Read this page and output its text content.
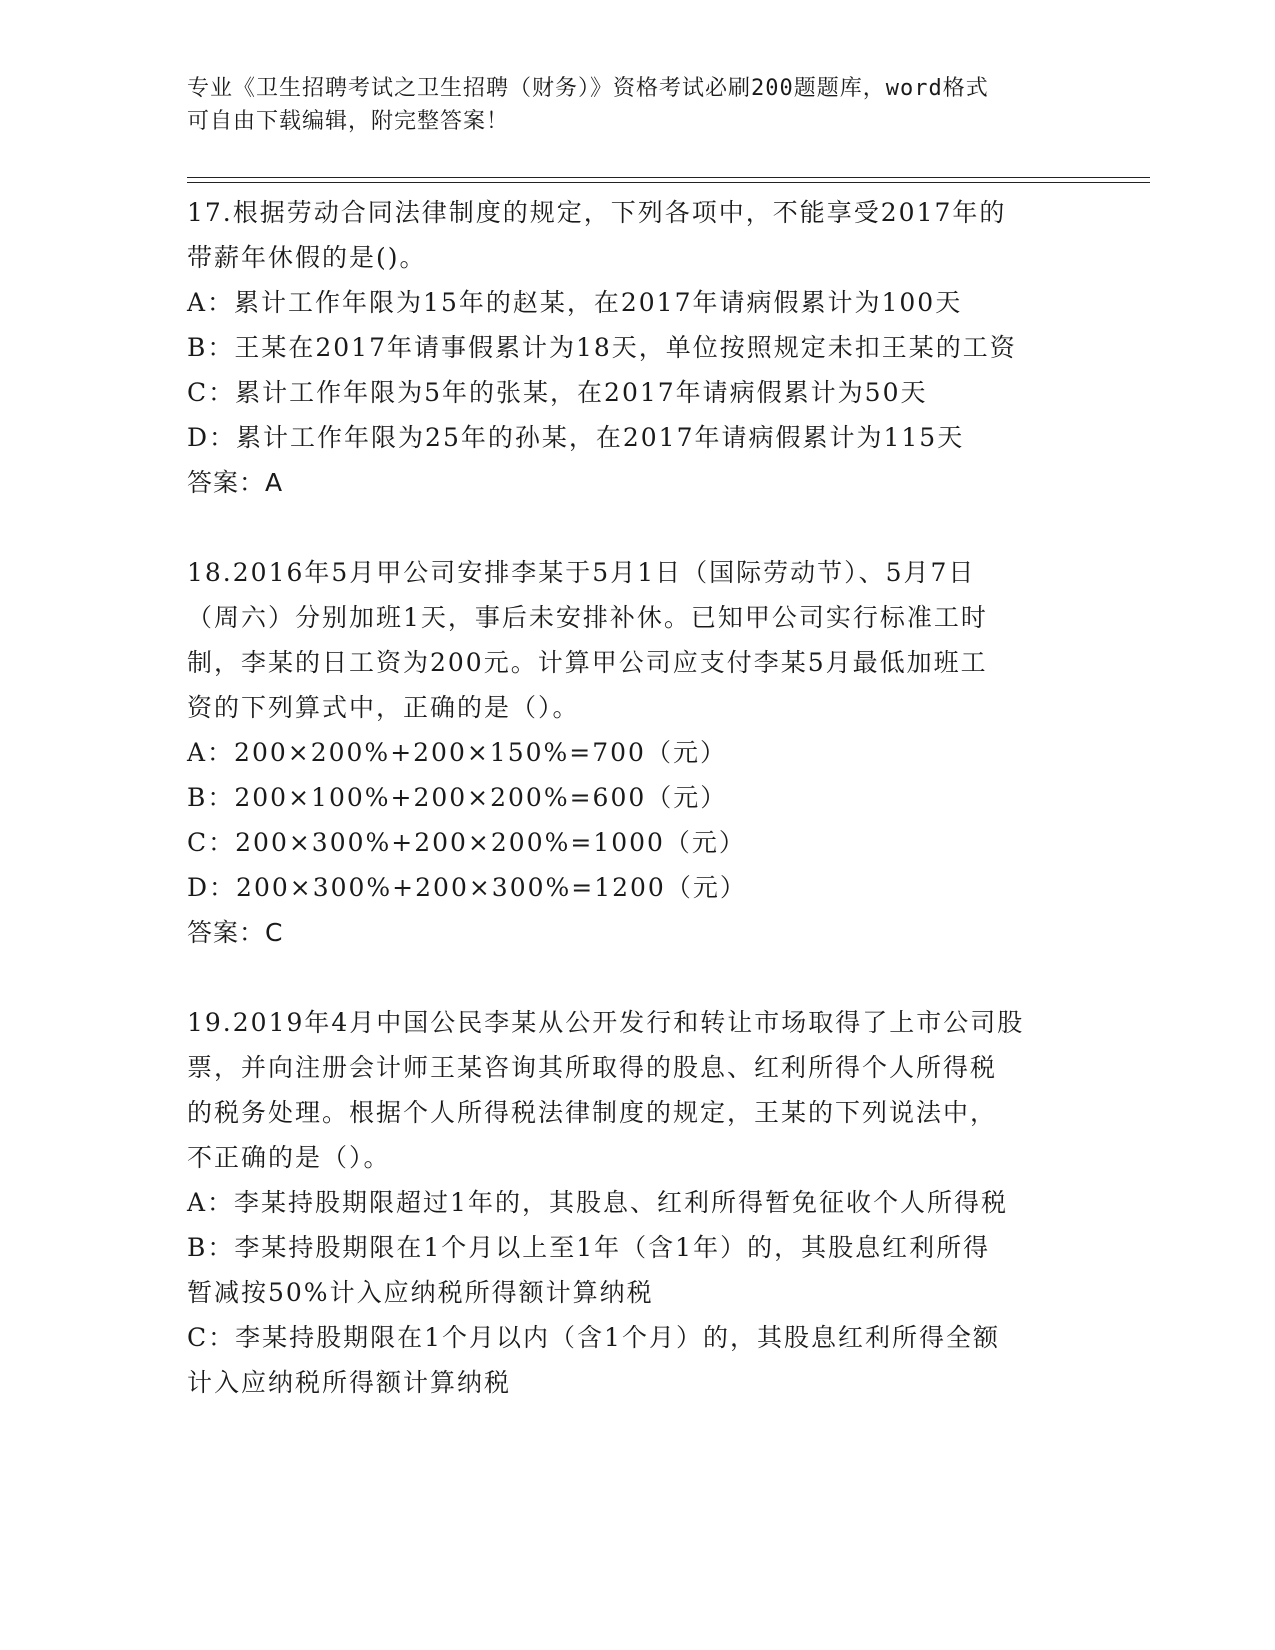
专业《卫生招聘考试之卫生招聘（财务）》资格考试必刷200题题库，word格式
可自由下载编辑，附完整答案！
17.根据劳动合同法律制度的规定，下列各项中，不能享受2017年的
带薪年休假的是()。
A：累计工作年限为15年的赵某，在2017年请病假累计为100天
B：王某在2017年请事假累计为18天，单位按照规定未扣王某的工资
C：累计工作年限为5年的张某，在2017年请病假累计为50天
D：累计工作年限为25年的孙某，在2017年请病假累计为115天
答案：A
18.2016年5月甲公司安排李某于5月1日（国际劳动节）、5月7日
（周六）分别加班1天，事后未安排补休。已知甲公司实行标准工时
制，李某的日工资为200元。计算甲公司应支付李某5月最低加班工
资的下列算式中，正确的是（）。
A：200×200%+200×150%=700（元）
B：200×100%+200×200%=600（元）
C：200×300%+200×200%=1000（元）
D：200×300%+200×300%=1200（元）
答案：C
19.2019年4月中国公民李某从公开发行和转让市场取得了上市公司股
票，并向注册会计师王某咨询其所取得的股息、红利所得个人所得税
的税务处理。根据个人所得税法律制度的规定，王某的下列说法中，
不正确的是（）。
A：李某持股期限超过1年的，其股息、红利所得暂免征收个人所得税
B：李某持股期限在1个月以上至1年（含1年）的，其股息红利所得
暂减按50%计入应纳税所得额计算纳税
C：李某持股期限在1个月以内（含1个月）的，其股息红利所得全额
计入应纳税所得额计算纳税
